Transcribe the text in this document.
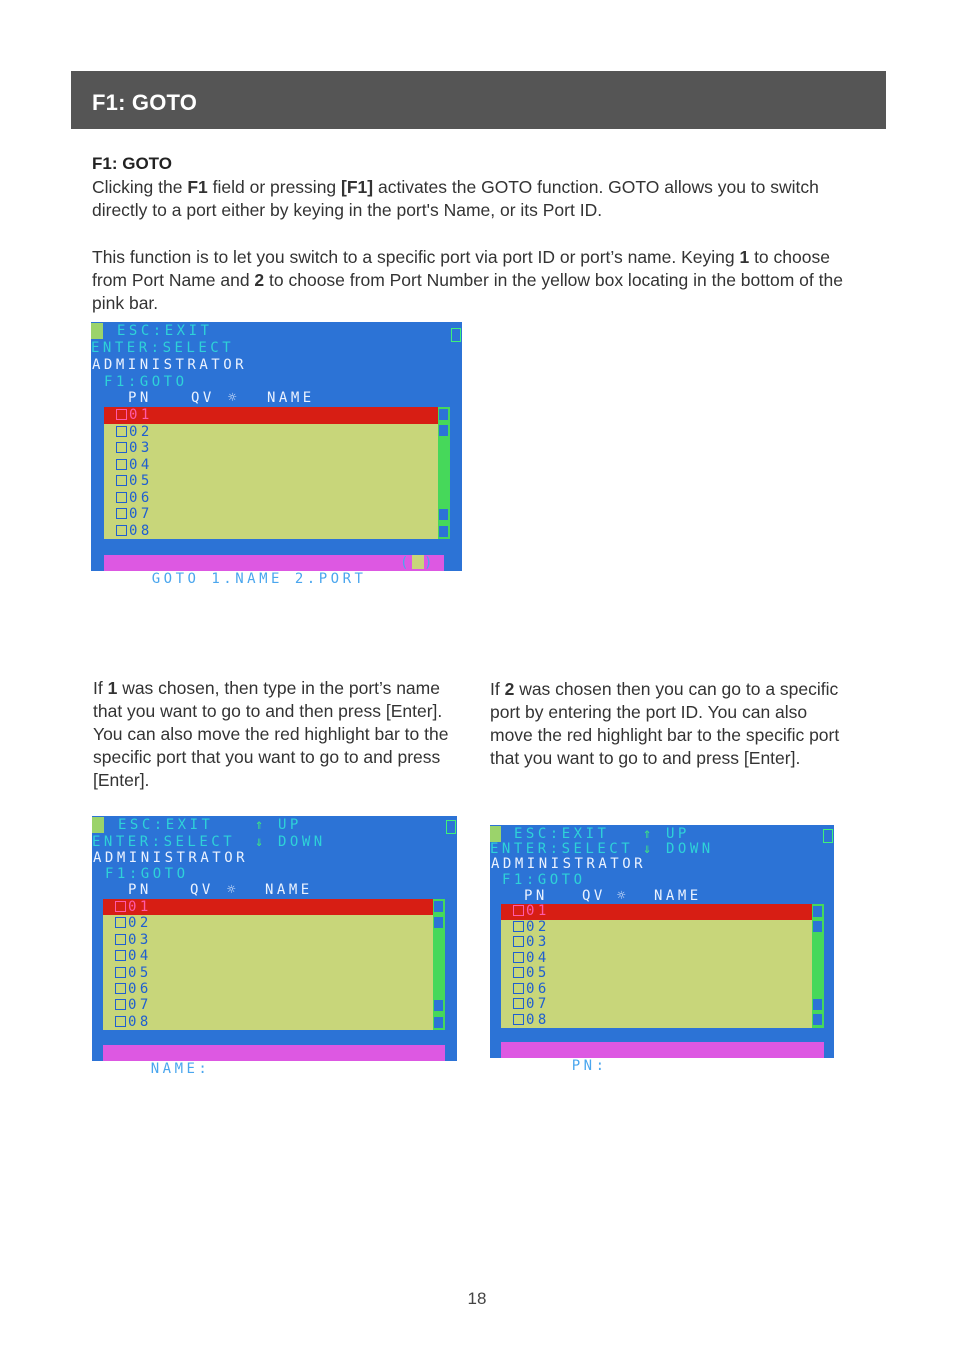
F1: GOTO
F1: GOTO
Clicking the F1 field or pressing [F1] activates the GOTO function. GOTO allows you to switch directly to a port either by keying in the port's Name, or its Port ID.
This function is to let you switch to a specific port via port ID or port’s name. Keying 1 to choose from Port Name and 2 to choose from Port Number in the yellow box locating in the bottom of the pink bar.
ESC:EXIT
ENTER:SELECT
ADMINISTRATOR
F1:GOTO
PN	QV ☼ NAME
01
02
03
04
05
06
07
08

GOTO 1.NAME 2.PORT

( )

If 1 was chosen, then type in the port’s name that you want to go to and then press [Enter]. You can also move the red highlight bar to the specific port that you want to go to and press [Enter].
If 2 was chosen then you can go to a specific port by entering the port ID. You can also move the red highlight bar to the specific port that you want to go to and press [Enter].
ESC:EXIT
ENTER:SELECT
⇑ UP
⇓ DOWN
ADMINISTRATOR
F1:GOTO
PN	QV ☼ NAME
01
02
03
04
05
06
07
08

NAME:

ESC:EXIT
ENTER:SELECT
⇑ UP
⇓ DOWN
ADMINISTRATOR
F1:GOTO
PN QV ☼ NAME
01
02
03
04
05
06
07
08

PN:

18
